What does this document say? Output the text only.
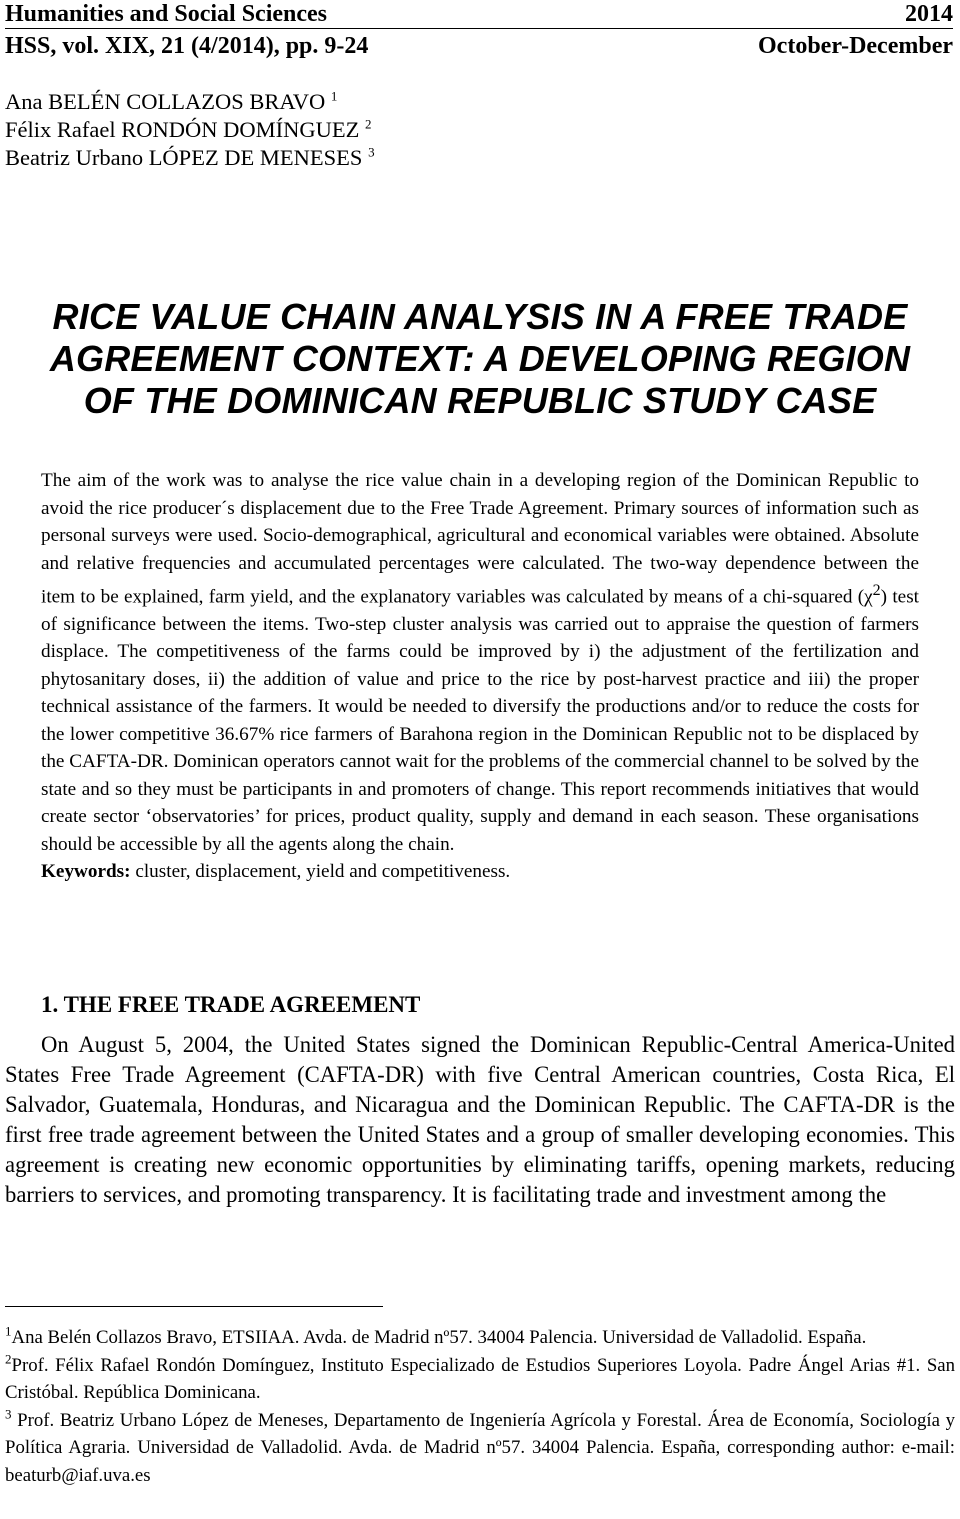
Humanities and Social Sciences	2014
HSS, vol. XIX, 21 (4/2014), pp. 9-24	October-December
Ana BELÉN COLLAZOS BRAVO $^1$
Félix Rafael RONDÓN DOMÍNGUEZ $^2$
Beatriz Urbano LÓPEZ DE MENESES $^3$
RICE VALUE CHAIN ANALYSIS IN A FREE TRADE
AGREEMENT CONTEXT: A DEVELOPING REGION
OF THE DOMINICAN REPUBLIC STUDY CASE

The aim of the work was to analyse the rice value chain in a developing region of the Dominican Republic to avoid the rice producer´s displacement due to the Free Trade Agreement. Primary sources of information such as personal surveys were used. Socio-demographical, agricultural and economical variables were obtained. Absolute and relative frequencies and accumulated percentages were calculated. The two-way dependence between the item to be explained, farm yield, and the explanatory variables was calculated by means of a chi-squared $(\chi^2)$ test of significance between the items. Two-step cluster analysis was carried out to appraise the question of farmers displace. The competitiveness of the farms could be improved by i) the adjustment of the fertilization and phytosanitary doses, ii) the addition of value and price to the rice by post-harvest practice and iii) the proper technical assistance of the farmers. It would be needed to diversify the productions and/or to reduce the costs for the lower competitive 36.67% rice farmers of Barahona region in the Dominican Republic not to be displaced by the CAFTA-DR. Dominican operators cannot wait for the problems of the commercial channel to be solved by the state and so they must be participants in and promoters of change. This report recommends initiatives that would create sector ‘observatories’ for prices, product quality, supply and demand in each season. These organisations should be accessible by all the agents along the chain.

Keywords: cluster, displacement, yield and competitiveness.

1. THE FREE TRADE AGREEMENT

On August 5, 2004, the United States signed the Dominican Republic-Central America-United States Free Trade Agreement (CAFTA-DR) with five Central American countries, Costa Rica, El Salvador, Guatemala, Honduras, and Nicaragua and the Dominican Republic. The CAFTA-DR is the first free trade agreement between the United States and a group of smaller developing economies. This agreement is creating new economic opportunities by eliminating tariffs, opening markets, reducing barriers to services, and promoting transparency. It is facilitating trade and investment among the

$^1$Ana Belén Collazos Bravo, ETSIIAA. Avda. de Madrid nº57. 34004 Palencia. Universidad de Valladolid. España.

$^2$Prof. Félix Rafael Rondón Domínguez, Instituto Especializado de Estudios Superiores Loyola. Padre Ángel Arias #1. San Cristóbal. República Dominicana.

$^3$ Prof. Beatriz Urbano López de Meneses, Departamento de Ingeniería Agrícola y Forestal. Área de Economía, Sociología y Política Agraria. Universidad de Valladolid. Avda. de Madrid nº57. 34004 Palencia. España, corresponding author: e-mail: beaturb@iaf.uva.es
